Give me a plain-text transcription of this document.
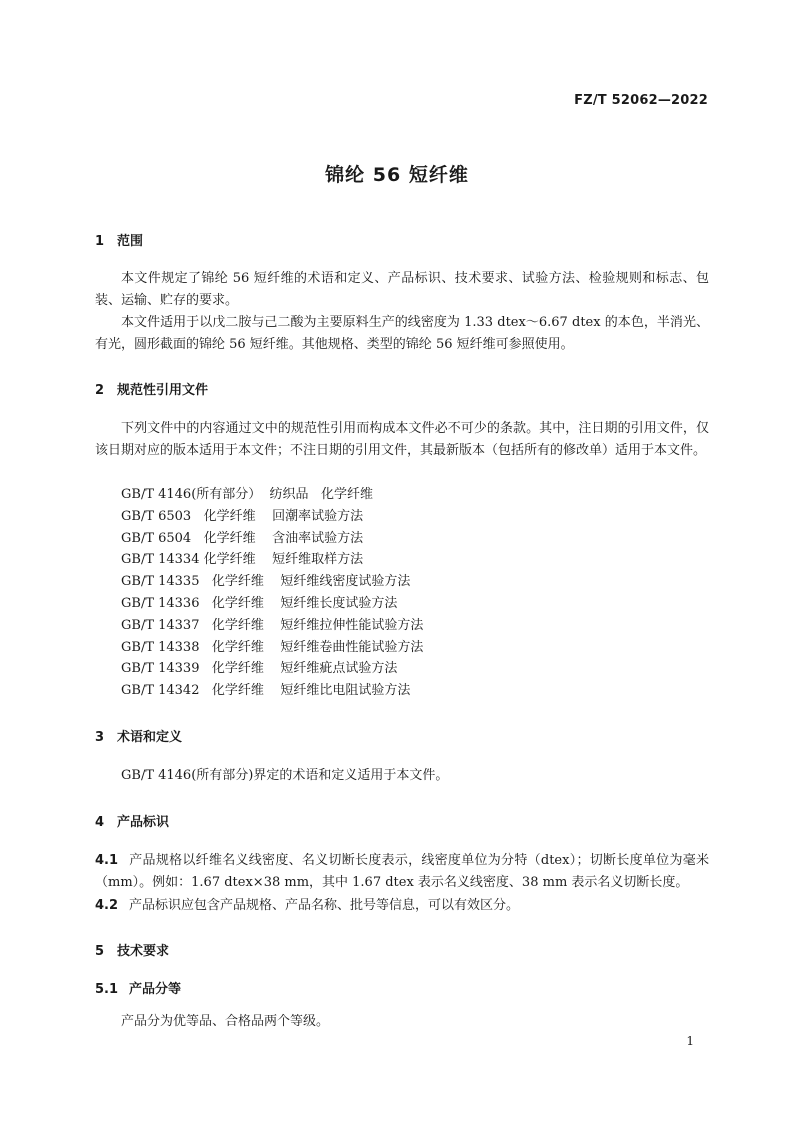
FZ/T 52062—2022
锦纶 56 短纤维
1 范围
本文件规定了锦纶 56 短纤维的术语和定义、产品标识、技术要求、试验方法、检验规则和标志、包装、运输、贮存的要求。
本文件适用于以戊二胺与己二酸为主要原料生产的线密度为 1.33 dtex～6.67 dtex 的本色，半消光、有光，圆形截面的锦纶 56 短纤维。其他规格、类型的锦纶 56 短纤维可参照使用。
2 规范性引用文件
下列文件中的内容通过文中的规范性引用而构成本文件必不可少的条款。其中，注日期的引用文件，仅该日期对应的版本适用于本文件；不注日期的引用文件，其最新版本（包括所有的修改单）适用于本文件。
GB/T 4146(所有部分）  纺织品   化学纤维
GB/T 6503   化学纤维    回潮率试验方法
GB/T 6504   化学纤维    含油率试验方法
GB/T 14334 化学纤维    短纤维取样方法
GB/T 14335   化学纤维    短纤维线密度试验方法
GB/T 14336   化学纤维    短纤维长度试验方法
GB/T 14337   化学纤维    短纤维拉伸性能试验方法
GB/T 14338   化学纤维    短纤维卷曲性能试验方法
GB/T 14339   化学纤维    短纤维疵点试验方法
GB/T 14342   化学纤维    短纤维比电阻试验方法
3 术语和定义
GB/T 4146(所有部分)界定的术语和定义适用于本文件。
4 产品标识
4.1 产品规格以纤维名义线密度、名义切断长度表示，线密度单位为分特（dtex）；切断长度单位为毫米（mm）。例如：1.67 dtex×38 mm，其中 1.67 dtex 表示名义线密度、38 mm 表示名义切断长度。
4.2 产品标识应包含产品规格、产品名称、批号等信息，可以有效区分。
5 技术要求
5.1 产品分等
产品分为优等品、合格品两个等级。
1
